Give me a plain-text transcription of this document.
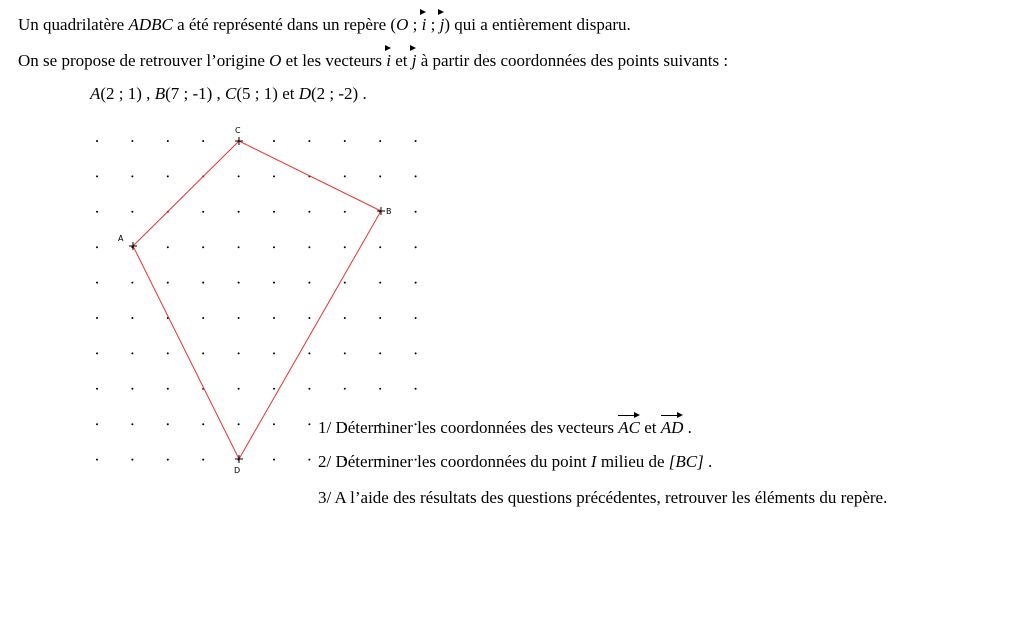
Un quadrilatère ADBC a été représenté dans un repère (O ; i ; j) qui a entièrement disparu.
On se propose de retrouver l’origine O et les vecteurs i et j à partir des coordonnées des points suivants :
A(2 ; 1) , B(7 ; -1) , C(5 ; 1) et D(2 ; -2) .
A
B
C
D
1/ Déterminer les coordonnées des vecteurs AC et AD .
2/ Déterminer les coordonnées du point I milieu de [BC] .
3/ A l’aide des résultats des questions précédentes, retrouver les éléments du repère.
